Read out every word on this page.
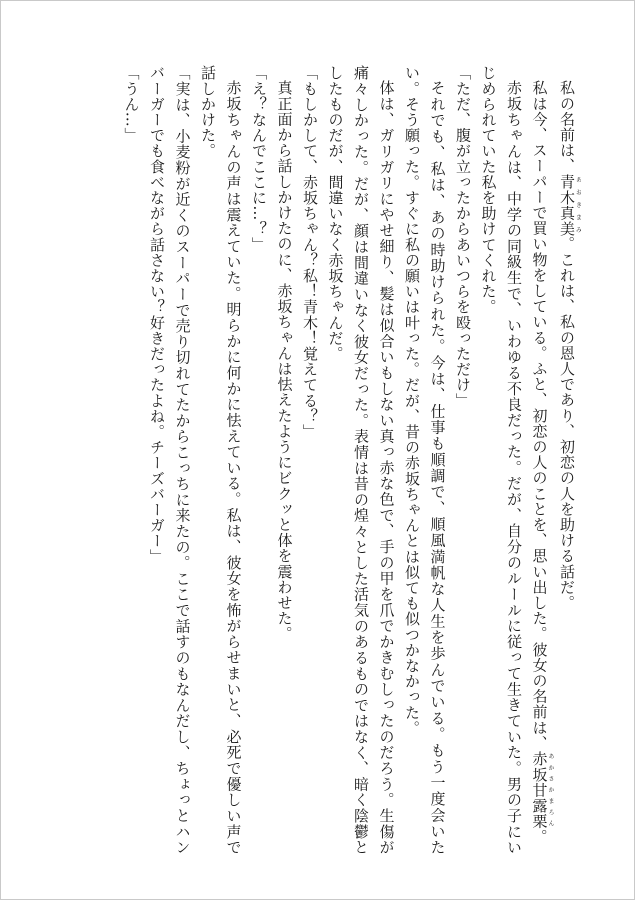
私の名前は、青木真美あおきまみ。これは、私の恩人であり、初恋の人を助ける話だ。

私は今、スーパーで買い物をしている。ふと、初恋の人のことを、思い出した。彼女の名前は、赤坂甘露栗あかさかまろん。

赤坂ちゃんは、中学の同級生で、いわゆる不良だった。だが、自分のルールに従って生きていた。男の子にいじめられていた私を助けてくれた。

「ただ、腹が立ったからあいつらを殴っただけ」

それでも、私は、あの時助けられた。今は、仕事も順調で、順風満帆な人生を歩んでいる。もう一度会いたい。そう願った。すぐに私の願いは叶った。だが、昔の赤坂ちゃんとは似ても似つかなかった。

体は、ガリガリにやせ細り、髪は似合いもしない真っ赤な色で、手の甲を爪でかきむしったのだろう。生傷が痛々しかった。だが、顔は間違いなく彼女だった。表情は昔の煌々とした活気のあるものではなく、暗く陰鬱としたものだが、間違いなく赤坂ちゃんだ。

「もしかして、赤坂ちゃん？私！青木！覚えてる？」

真正面から話しかけたのに、赤坂ちゃんは怯えたようにビクッと体を震わせた。

「え？なんでここに…？」

赤坂ちゃんの声は震えていた。明らかに何かに怯えている。私は、彼女を怖がらせまいと、必死で優しい声で話しかけた。

「実は、小麦粉が近くのスーパーで売り切れてたからこっちに来たの。ここで話すのもなんだし、ちょっとハンバーガーでも食べながら話さない？好きだったよね。チーズバーガー」

「うん…」
